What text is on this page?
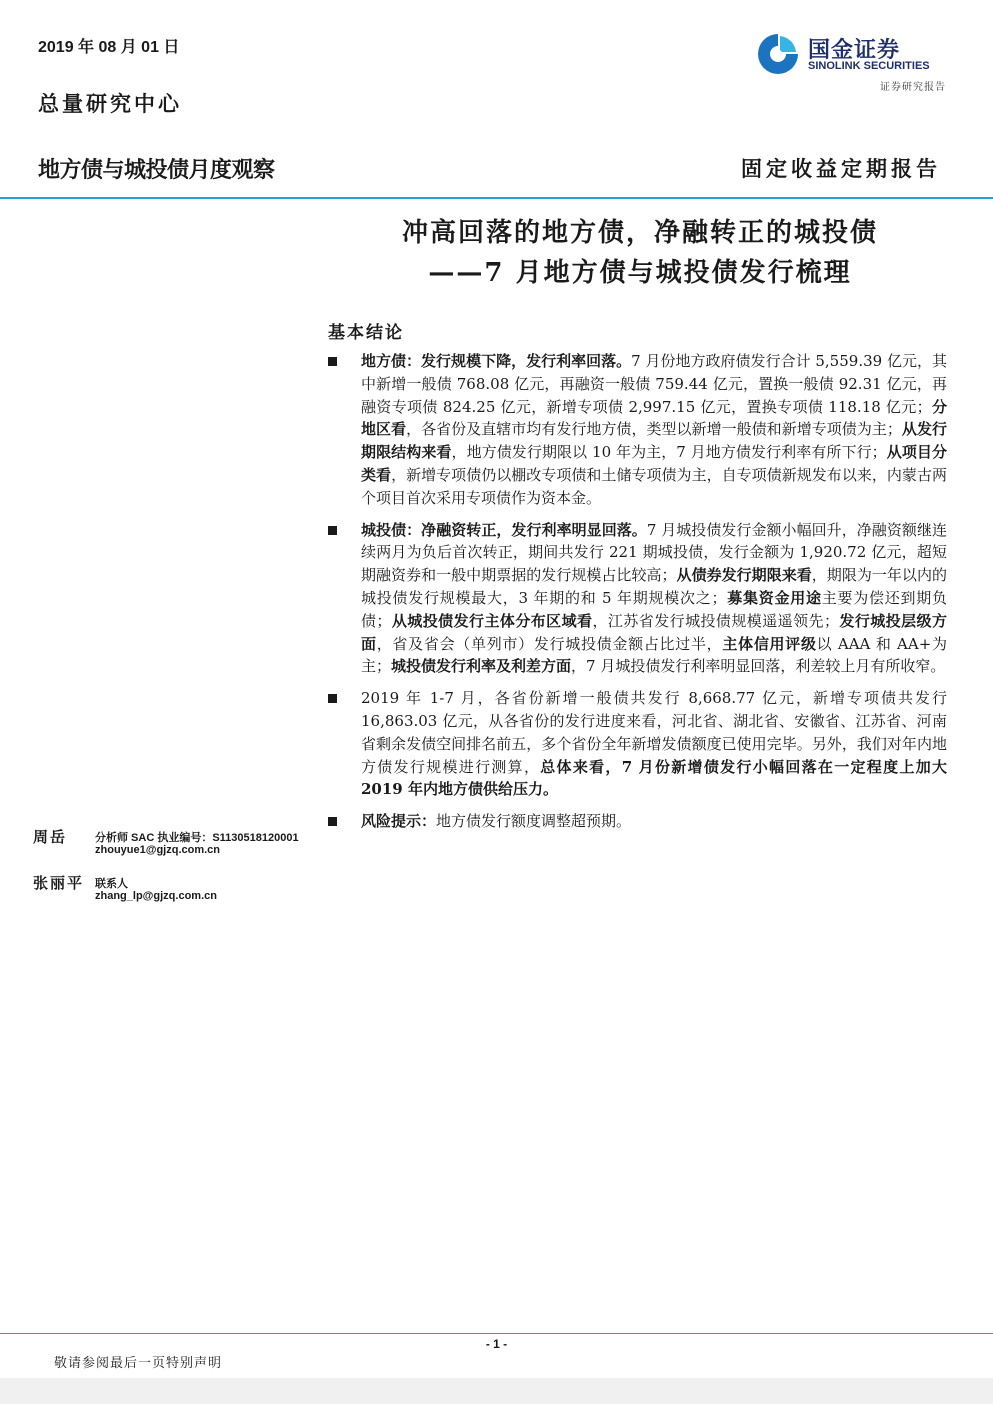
2019 年 08 月 01 日
总量研究中心
国金证券
SINOLINK SECURITIES
证券研究报告
地方债与城投债月度观察	固定收益定期报告
冲高回落的地方债，净融转正的城投债
——7 月地方债与城投债发行梳理
基本结论
地方债：发行规模下降，发行利率回落。7 月份地方政府债发行合计 5,559.39 亿元，其中新增一般债 768.08 亿元，再融资一般债 759.44 亿元，置换一般债 92.31 亿元，再融资专项债 824.25 亿元，新增专项债 2,997.15 亿元，置换专项债 118.18 亿元；分地区看，各省份及直辖市均有发行地方债，类型以新增一般债和新增专项债为主；从发行期限结构来看，地方债发行期限以 10 年为主，7 月地方债发行利率有所下行；从项目分类看，新增专项债仍以棚改专项债和土储专项债为主，自专项债新规发布以来，内蒙古两个项目首次采用专项债作为资本金。
城投债：净融资转正，发行利率明显回落。7 月城投债发行金额小幅回升，净融资额继连续两月为负后首次转正，期间共发行 221 期城投债，发行金额为 1,920.72 亿元，超短期融资券和一般中期票据的发行规模占比较高；从债券发行期限来看，期限为一年以内的城投债发行规模最大，3 年期的和 5 年期规模次之；募集资金用途主要为偿还到期负债；从城投债发行主体分布区域看，江苏省发行城投债规模遥遥领先；发行城投层级方面，省及省会（单列市）发行城投债金额占比过半，主体信用评级以 AAA 和 AA+为主；城投债发行利率及利差方面，7 月城投债发行利率明显回落，利差较上月有所收窄。
2019 年 1-7 月，各省份新增一般债共发行 8,668.77 亿元，新增专项债共发行 16,863.03 亿元，从各省份的发行进度来看，河北省、湖北省、安徽省、江苏省、河南省剩余发债空间排名前五，多个省份全年新增发债额度已使用完毕。另外，我们对年内地方债发行规模进行测算，总体来看，7 月份新增债发行小幅回落在一定程度上加大 2019 年内地方债供给压力。
风险提示：地方债发行额度调整超预期。
周岳	分析师 SAC 执业编号：S1130518120001
zhouyue1@gjzq.com.cn
张丽平 联系人
zhang_lp@gjzq.com.cn
- 1 -
敬请参阅最后一页特别声明
